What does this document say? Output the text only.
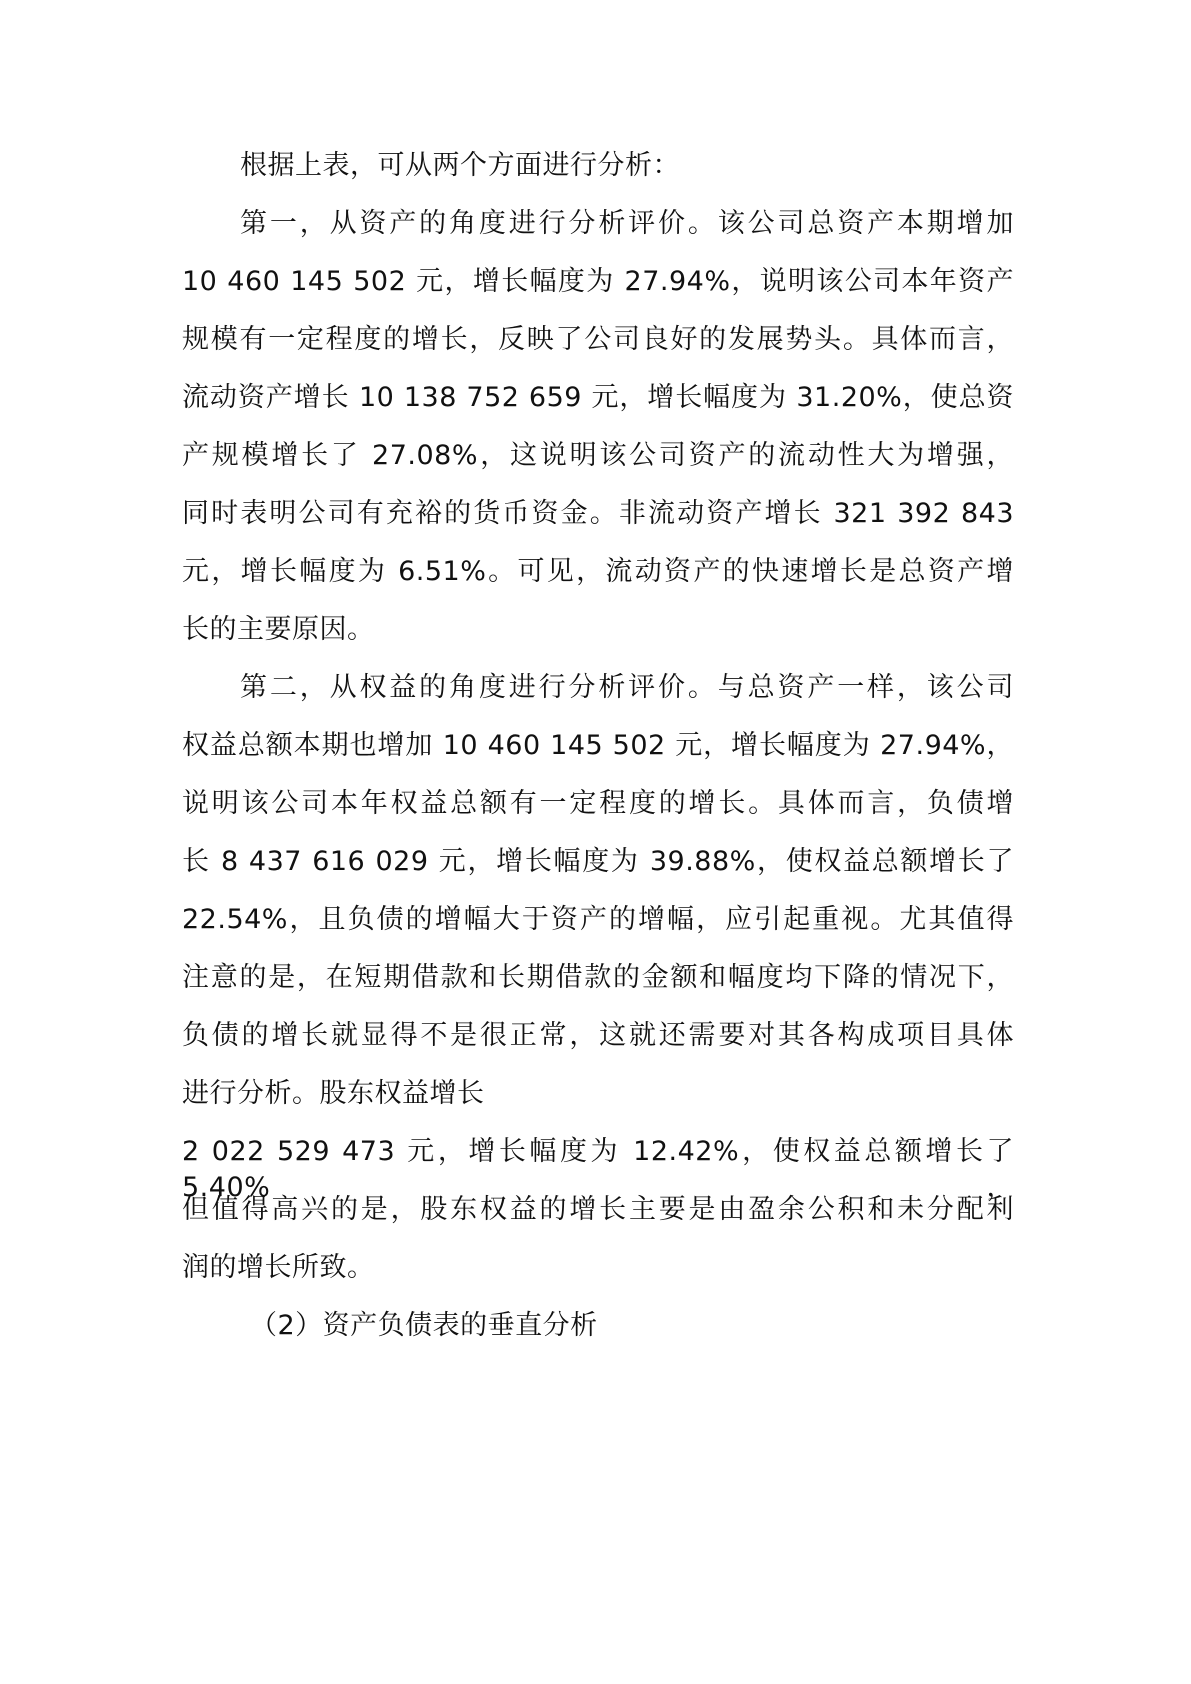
根据上表，可从两个方面进行分析：

第一，从资产的角度进行分析评价。该公司总资产本期增加

10 460 145 502 元，增长幅度为 27.94%，说明该公司本年资产

规模有一定程度的增长，反映了公司良好的发展势头。具体而言，

流动资产增长 10 138 752 659 元，增长幅度为 31.20%，使总资

产规模增长了 27.08%，这说明该公司资产的流动性大为增强，

同时表明公司有充裕的货币资金。非流动资产增长 321 392 843

元，增长幅度为 6.51%。可见，流动资产的快速增长是总资产增

长的主要原因。

第二，从权益的角度进行分析评价。与总资产一样，该公司

权益总额本期也增加 10 460 145 502 元，增长幅度为 27.94%，

说明该公司本年权益总额有一定程度的增长。具体而言，负债增

长 8 437 616 029 元，增长幅度为 39.88%，使权益总额增长了

22.54%，且负债的增幅大于资产的增幅，应引起重视。尤其值得

注意的是，在短期借款和长期借款的金额和幅度均下降的情况下，

负债的增长就显得不是很正常，这就还需要对其各构成项目具体

进行分析。股东权益增长

2 022 529 473 元，增长幅度为 12.42%，使权益总额增长了 5.40%，

但值得高兴的是，股东权益的增长主要是由盈余公积和未分配利

润的增长所致。

（2）资产负债表的垂直分析
